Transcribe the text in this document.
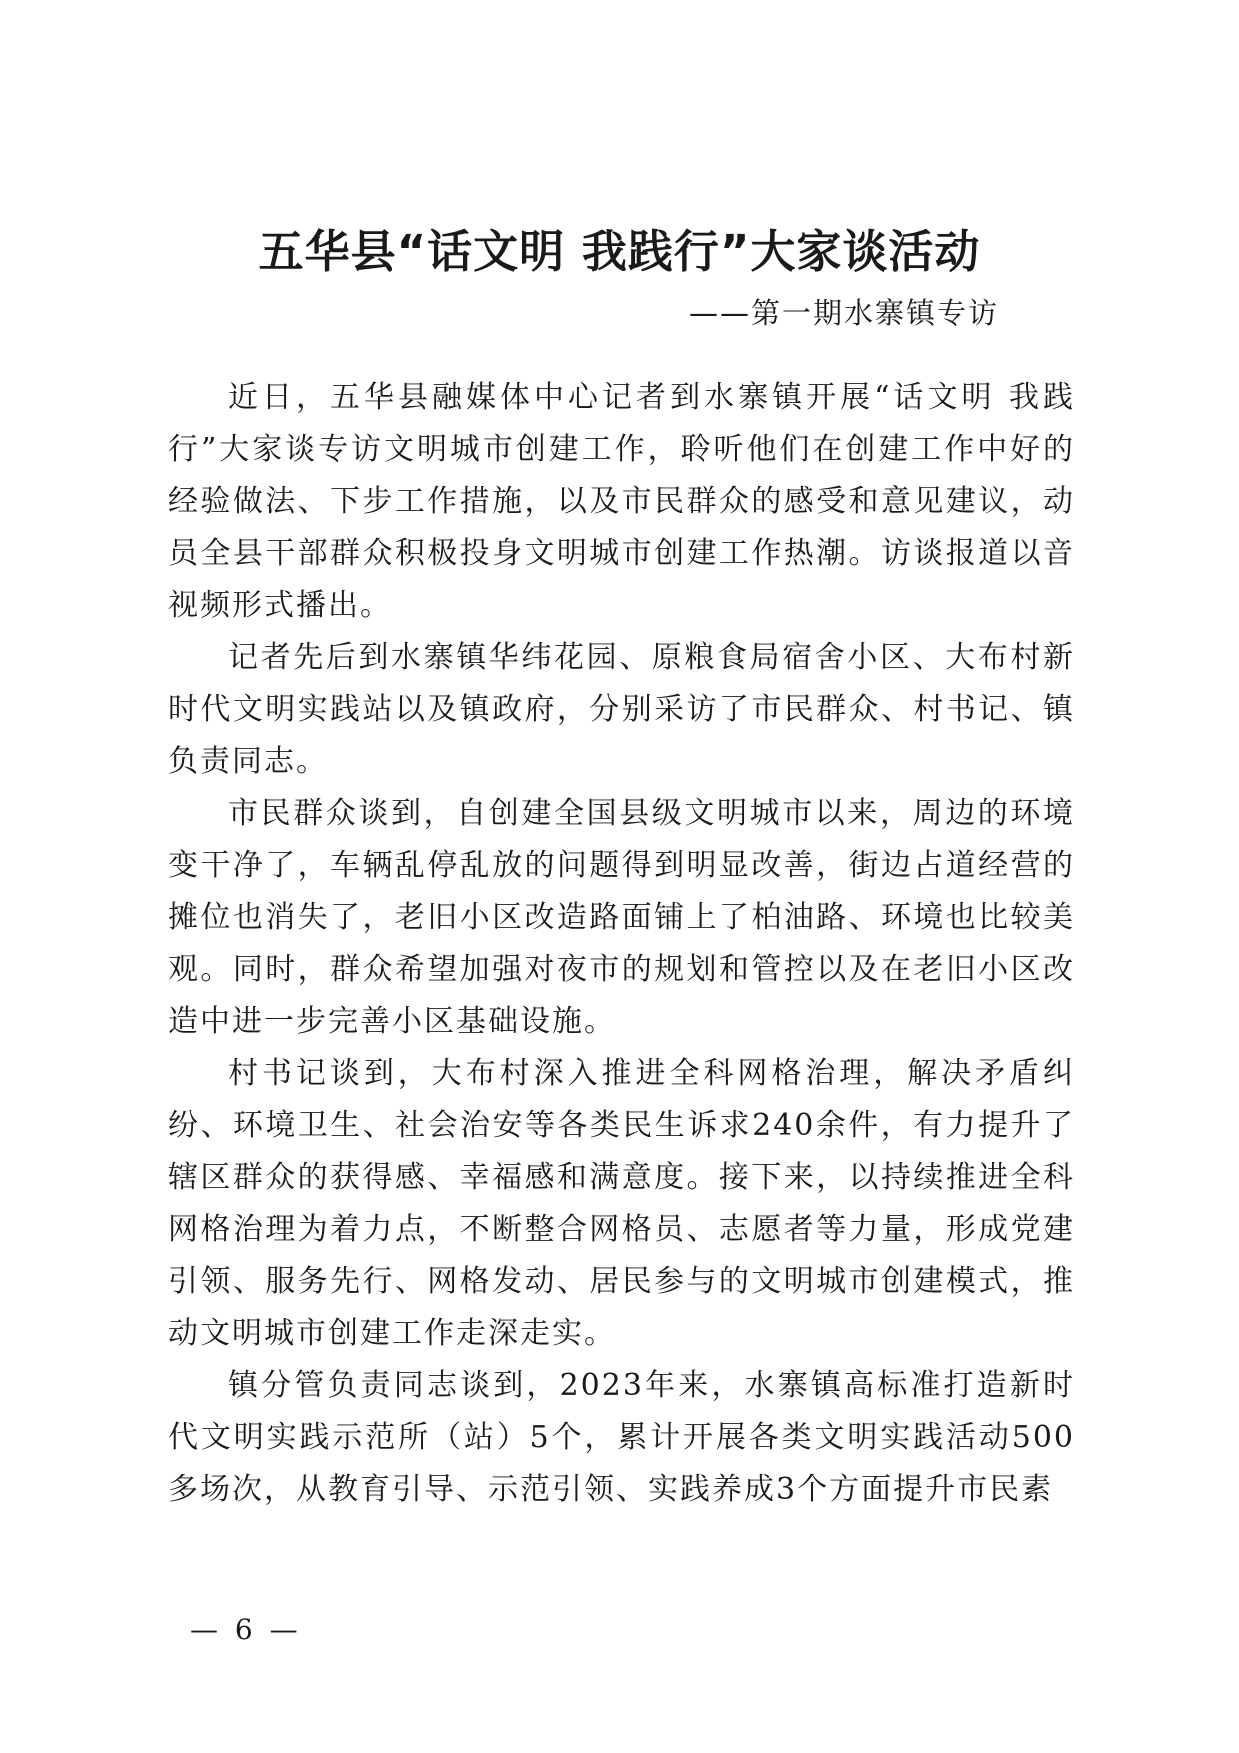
五华县“话文明 我践行”大家谈活动

——第一期水寨镇专访

近日，五华县融媒体中心记者到水寨镇开展“话文明 我践行”大家谈专访文明城市创建工作，聆听他们在创建工作中好的经验做法、下步工作措施，以及市民群众的感受和意见建议，动员全县干部群众积极投身文明城市创建工作热潮。访谈报道以音视频形式播出。

记者先后到水寨镇华纬花园、原粮食局宿舍小区、大布村新时代文明实践站以及镇政府，分别采访了市民群众、村书记、镇负责同志。

市民群众谈到，自创建全国县级文明城市以来，周边的环境变干净了，车辆乱停乱放的问题得到明显改善，街边占道经营的摊位也消失了，老旧小区改造路面铺上了柏油路、环境也比较美观。同时，群众希望加强对夜市的规划和管控以及在老旧小区改造中进一步完善小区基础设施。

村书记谈到，大布村深入推进全科网格治理，解决矛盾纠纷、环境卫生、社会治安等各类民生诉求240余件，有力提升了辖区群众的获得感、幸福感和满意度。接下来，以持续推进全科网格治理为着力点，不断整合网格员、志愿者等力量，形成党建引领、服务先行、网格发动、居民参与的文明城市创建模式，推动文明城市创建工作走深走实。

镇分管负责同志谈到，2023年来，水寨镇高标准打造新时代文明实践示范所（站）5个，累计开展各类文明实践活动500多场次，从教育引导、示范引领、实践养成3个方面提升市民素

— 6 —
